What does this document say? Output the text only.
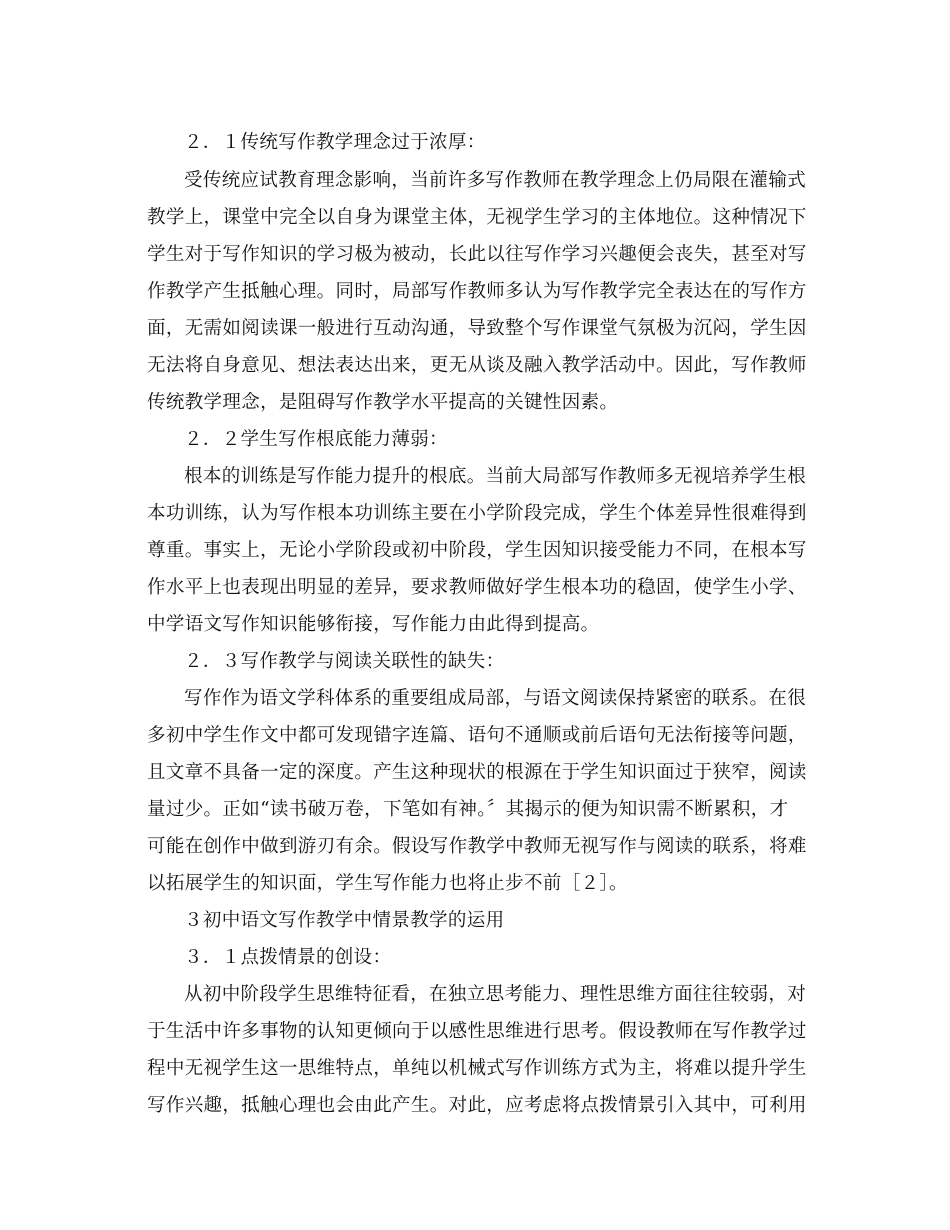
２．１传统写作教学理念过于浓厚：
受传统应试教育理念影响，当前许多写作教师在教学理念上仍局限在灌输式
教学上，课堂中完全以自身为课堂主体，无视学生学习的主体地位。这种情况下
学生对于写作知识的学习极为被动，长此以往写作学习兴趣便会丧失，甚至对写
作教学产生抵触心理。同时，局部写作教师多认为写作教学完全表达在的写作方
面，无需如阅读课一般进行互动沟通，导致整个写作课堂气氛极为沉闷，学生因
无法将自身意见、想法表达出来，更无从谈及融入教学活动中。因此，写作教师
传统教学理念，是阻碍写作教学水平提高的关键性因素。
２．２学生写作根底能力薄弱：
根本的训练是写作能力提升的根底。当前大局部写作教师多无视培养学生根
本功训练，认为写作根本功训练主要在小学阶段完成，学生个体差异性很难得到
尊重。事实上，无论小学阶段或初中阶段，学生因知识接受能力不同，在根本写
作水平上也表现出明显的差异，要求教师做好学生根本功的稳固，使学生小学、
中学语文写作知识能够衔接，写作能力由此得到提高。
２．３写作教学与阅读关联性的缺失：
写作作为语文学科体系的重要组成局部，与语文阅读保持紧密的联系。在很
多初中学生作文中都可发现错字连篇、语句不通顺或前后语句无法衔接等问题，
且文章不具备一定的深度。产生这种现状的根源在于学生知识面过于狭窄，阅读
量过少。正如“读书破万卷，下笔如有神。〞其揭示的便为知识需不断累积，才
可能在创作中做到游刃有余。假设写作教学中教师无视写作与阅读的联系，将难
以拓展学生的知识面，学生写作能力也将止步不前［２］。
３初中语文写作教学中情景教学的运用
３．１点拨情景的创设：
从初中阶段学生思维特征看，在独立思考能力、理性思维方面往往较弱，对
于生活中许多事物的认知更倾向于以感性思维进行思考。假设教师在写作教学过
程中无视学生这一思维特点，单纯以机械式写作训练方式为主，将难以提升学生
写作兴趣，抵触心理也会由此产生。对此，应考虑将点拨情景引入其中，可利用
